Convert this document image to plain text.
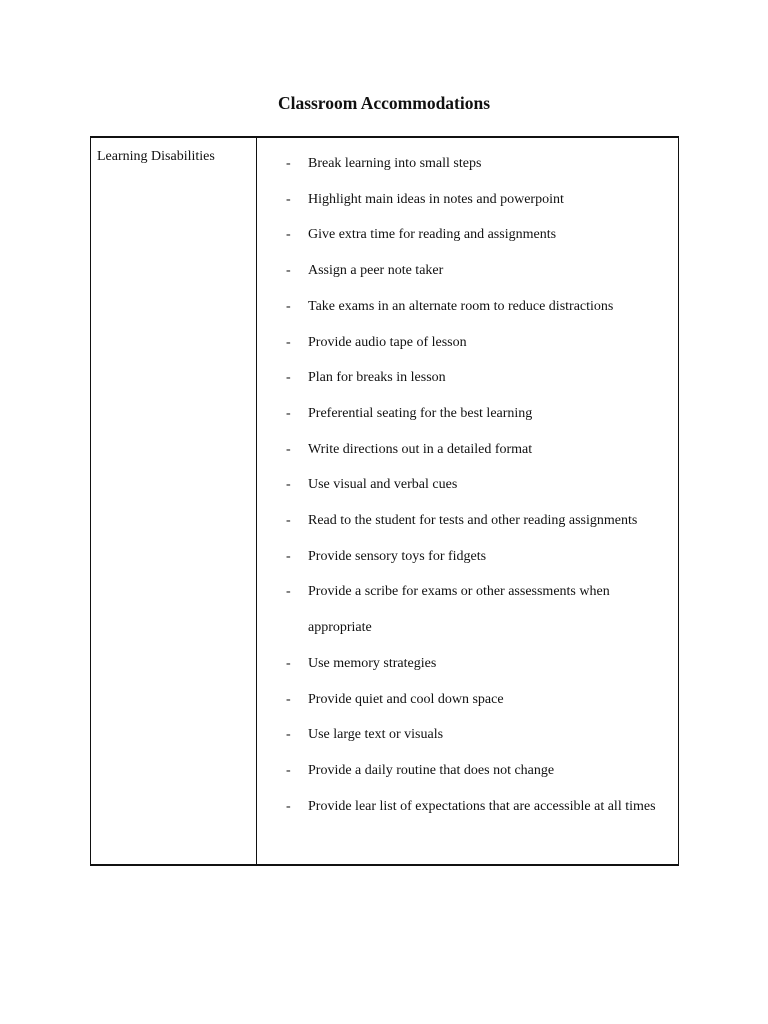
Classroom Accommodations
Learning Disabilities	- Break learning into small steps
- Highlight main ideas in notes and powerpoint
- Give extra time for reading and assignments
- Assign a peer note taker
- Take exams in an alternate room to reduce distractions
- Provide audio tape of lesson
- Plan for breaks in lesson
- Preferential seating for the best learning
- Write directions out in a detailed format
- Use visual and verbal cues
- Read to the student for tests and other reading assignments
- Provide sensory toys for fidgets
- Provide a scribe for exams or other assessments when appropriate
- Use memory strategies
- Provide quiet and cool down space
- Use large text or visuals
- Provide a daily routine that does not change
- Provide lear list of expectations that are accessible at all times
